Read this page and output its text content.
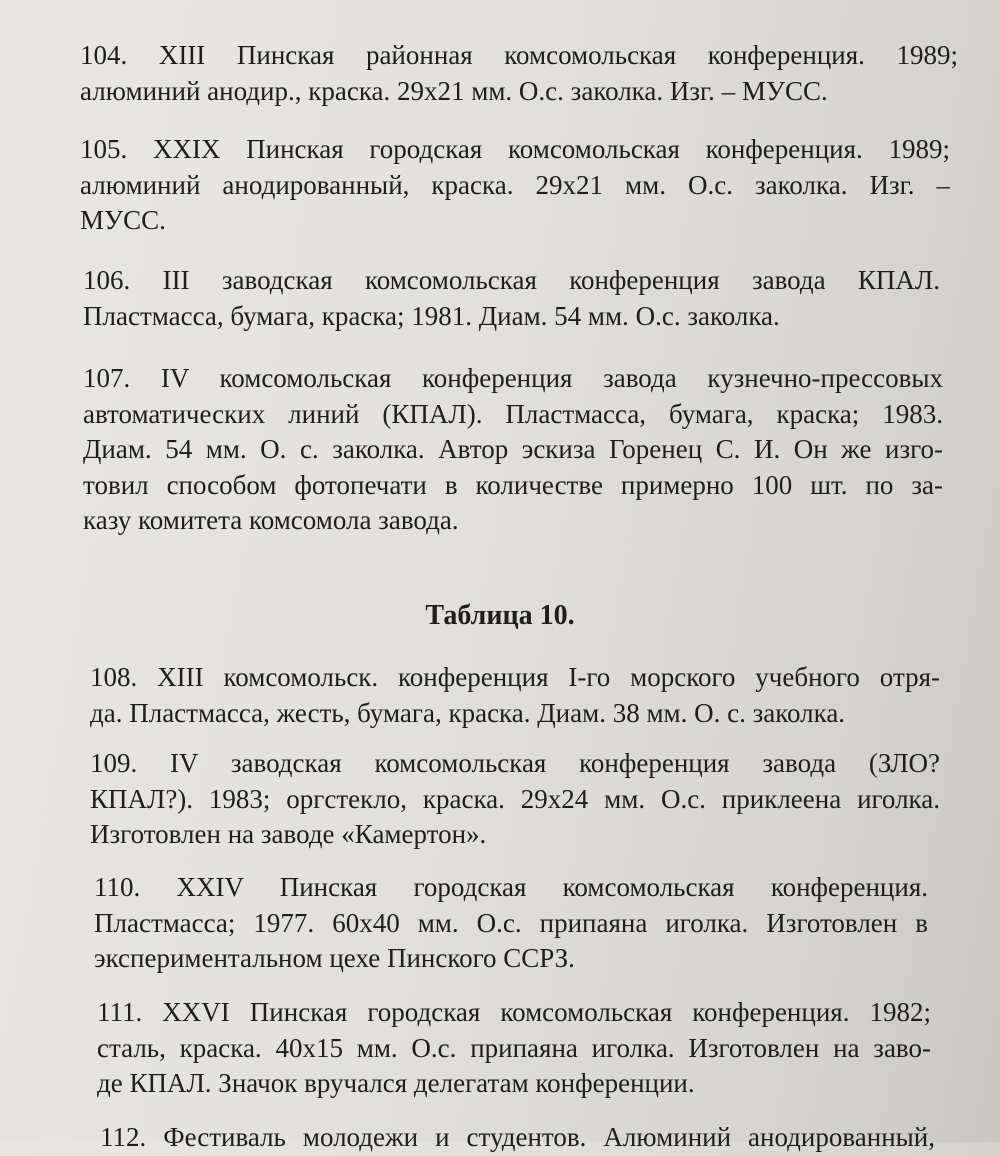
104. XIII Пинская районная комсомольская конференция. 1989;
алюминий анодир., краска. 29x21 мм. О.с. заколка. Изг. – МУСС.

105. XXIX Пинская городская комсомольская конференция. 1989;
алюминий анодированный, краска. 29x21 мм. О.с. заколка. Изг. –
МУСС.

106. III заводская комсомольская конференция завода КПАЛ.
Пластмасса, бумага, краска; 1981. Диам. 54 мм. О.с. заколка.

107. IV комсомольская конференция завода кузнечно-прессовых
автоматических линий (КПАЛ). Пластмасса, бумага, краска; 1983.
Диам. 54 мм. О. с. заколка. Автор эскиза Горенец С. И. Он же изго-
товил способом фотопечати в количестве примерно 100 шт. по за-
казу комитета комсомола завода.

Таблица 10.

108. XIII комсомольск. конференция I-го морского учебного отря-
да. Пластмасса, жесть, бумага, краска. Диам. 38 мм. О. с. заколка.

109. IV заводская комсомольская конференция завода (ЗЛО?
КПАЛ?). 1983; оргстекло, краска. 29x24 мм. О.с. приклеена иголка.
Изготовлен на заводе «Камертон».

110. XXIV Пинская городская комсомольская конференция.
Пластмасса; 1977. 60x40 мм. О.с. припаяна иголка. Изготовлен в
экспериментальном цехе Пинского ССРЗ.

111. XXVI Пинская городская комсомольская конференция. 1982;
сталь, краска. 40x15 мм. О.с. припаяна иголка. Изготовлен на заво-
де КПАЛ. Значок вручался делегатам конференции.

112. Фестиваль молодежи и студентов. Алюминий анодированный,
